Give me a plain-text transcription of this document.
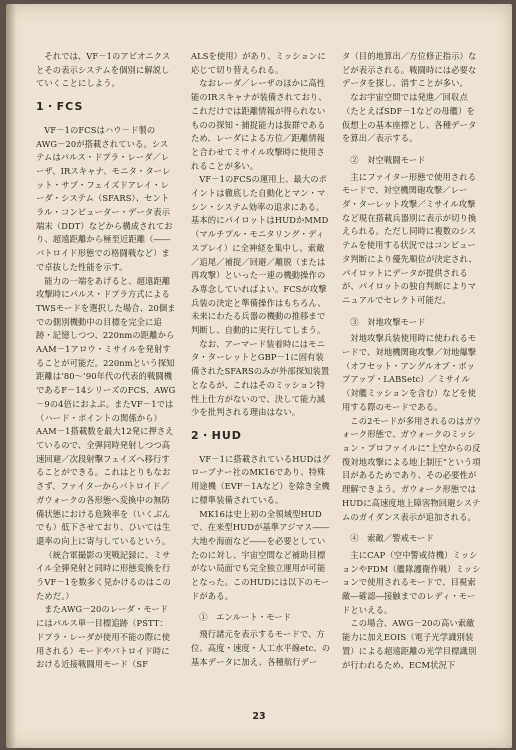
それでは、VF－1のアビオニクスとその表示システムを個別に解説していくことにしよう。

1・FCS

VF－1のFCSはハウ－ド製のAWG－20が搭載されている。システムはパルス・ドプラ・レーダ／レーザ、IRスキャナ、モニタ・ターレット・サブ・フェイズドアレイ・レーダ・システム（SFARS）、セントラル・コンピューター・データ表示端末（DDT）などから構成されており、超遠距離から極至近距離（――バトロイド形態での格闘戦など）まで卓抜した性能を示す。

能力の一端をあげると、超遠距離攻撃時にパルス・ドプラ方式によるTWSモードを選択した場合、20個までの側別機動中の目標を完全に追跡・記憶しつつ、220nmの距離からAAM－1アロウ・ミサイルを発射することが可能だ。220nmという探知距離は’80～’90年代の代表的戦闘機であるF－14シリーズのFCS、AWG－9の4倍におよぶ。またVF－1では（ハード・ポイントの関係から）AAM－1搭載数を最大12発に押さえているので、全弾同時発射しつつ高速回避／次段射擊フェイズへ移行することができる。これはとりもなおさず、ファイターからバトロイド／ガウォークの各形態へ変換中の無防備状態における危険率を（いくぶんでも）低下させており、ひいては生還率の向上に寄与しているという。

（統合軍撮影の実戦記録に、ミサイル全弾発射と同時に形態変換を行うVF－1を数多く見かけるのはこのためだ。）

またAWG－20のレーダ・モードにはパルス単一目標追跡（PSTT：ドプラ・レーダが使用不能の際に使用される）モードやバトロイド時における近接戦闘用モード（SF

ALSを使用）があり、ミッションに応じて切り替えられる。

なおレーダ／レーザのほかに高性能のIRスキャナが装備されており、これだけでは距離情報が得られないものの探知・捕捉能力は抜群であるため、レーダによる方位／距離情報と合わせてミサイル攻撃時に使用されることが多い。

VF－1のFCSの運用上、最大のポイントは徹底した自動化とマン・マシン・システム効率の追求にある。基本的にパイロットはHUDかMMD（マルチプル・モニタリング・ディスプレイ）に全神経を集中し、索敵／追尾／補捉／回避／離脱（または再攻撃）といった一連の機動操作のみ専念していればよい。FCSが攻撃兵装の決定と準備操作はもちろん、未来にわたる兵器の機動の推移まで判断し、自動的に実行してしまう。

なお、アーマード装着時にはモニタ・ターレットとGBP－1に固有装備されたSFARSのみが外部探知装置となるが、これはそのミッション特性上仕方がないので、決して能力減少を批判される理由はない。

2・HUD

VF－1に搭載されているHUDはグローブナー社のMK16であり、特殊用途機（EVF－1Aなど）を除き全機に標準装備されている。

MK16は史上初の全領域型HUDで、在来型HUDが基準アジマス――大地や海面など――を必要としていたのに対し、宇宙空間など補助目標がない局面でも完全独立運用が可能となった。このHUDには以下のモードがある。

①　エンルート・モード

飛行諸元を表示するモードで、方位、高度・速度・人工水平線etc、の基本データに加え、各種航行デー

タ（目的地算出／方位修正指示）などが表示される。戦闘時には必要なデータを探し、消すことが多い。

なお宇宙空間では発進／回収点（たとえばSDF－1などの母艦）を仮想上の基本座標とし、各種データを算出／表示する。

②　対空戦闘モード

主にファイター形態で使用されるモードで、対空機関砲攻撃／レーダ・ターレット攻撃／ミサイル攻撃など現在搭載兵器別に表示が切り換えられる。ただし同時に複数のシステムを使用する状況ではコンピュータ判断により優先順位が決定され、パイロットにデータが提供されるが、パイロットの独自判断によりマニュアルでセレクト可能だ。

③　対地攻撃モード

対地攻撃兵装使用時に使われるモードで、対地機関砲攻撃／対地爆撃（オフセット・アングルオブ・ボップアップ・LABSetc）／ミサイル（対艦ミッションを含む）などを使用する際のモードである。

この2モードが多用されるのはガウォーク形態で、ガウォークのミッション・プロファイルに“上空からの反復対地攻撃による地上制圧”という項目があるためであり、その必要性が理解できよう。ガウォーク形態ではHUDに高速度地上障害物回避システムのガイダンス表示が追加される。

④　索敵／警戒モード

主にCAP（空中警戒待機）ミッションやFDM（艦隊護衛作戦）ミッションで使用されるモードで、目視索敵―確認―接触までのレディ・モードといえる。

この場合、AWG－20の高い索敵能力に加えEOIS（電子光学識別装置）による超遠距離の光学目標識別が行われるため、ECM状況下

23
